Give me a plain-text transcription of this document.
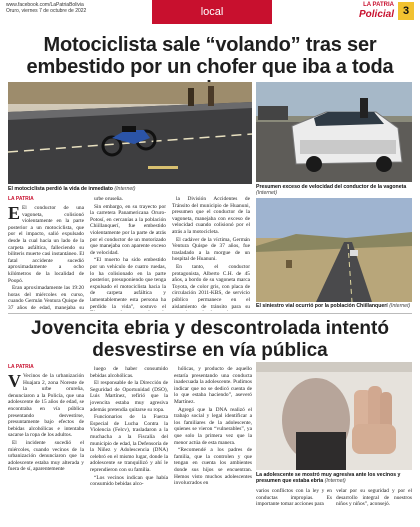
www.facebook.com/LaPatriaBolivia
Oruro, viernes 7 de octubre de 2022	local
LA PATRIA
Policial 3
Motociclista sale “volando” tras ser embestido por un chofer que iba a toda
El motociclista perdió la vida de inmediato (Internet)	Presumen exceso de velocidad del conductor de la vagoneta (Internet)
LA PATRIA

E El conductor de una vagoneta, colisionó violentamente en la parte posterior a un motociclista, que por el impacto, salió expulsado desde la cual hacia un lado de la carpeta asfáltica, falleciendo su biliteris muerte casi instantáneo. El fatal accidente sucedió aproximadamente a ocho kilómetros de la localidad de Poopó.

Eran aproximadamente las 19:20 horas del miércoles en curso, cuando Germán Ventura Quispe de 37 años de edad, manejaba su

urbe oruseña.

Sin embargo, en su trayecto por la carretera Panamericana Oruro-Potosí, en cercanías a la población Chiillanquerí, fue embestido violentamente por la parte de atrás por el conductor de un motorizado que manejaba con aparente exceso de velocidad.

“El muerto ha sido embestido por un vehículo de cuatro ruedas, lo ha colisionado en la parte posterior, presuponiendo que tenga expulsado el motociclista hacia la de carpeta asfáltica y lamentablemente esta persona ha perdido la vida”, sostuvo el

la División Accidentes de Tránsito del municipio de Huanuni, presumen que el conductor de la vagoneta, manejaba con exceso de velocidad cuando colisionó por el atrás a la motocicleta.

El cadáver de la víctima, Germán Ventura Quispe de 37 años, fue trasladado a la morgue de un hospital de Huanuni.

En tanto, el conductor protagonista, Alberto C.H. de 45 años, a bordo de su vagoneta marca Toyota, de color gris, con placa de circulación 2011-KBS, de servicio público permanece en el aislamiento de tránsito para su El siniestro vial ocurrió por la población Chiillanquerí (Internet)
Jovencita ebria y descontrolada intentó desvestirse en vía pública
LA PATRIA

V Vecinos de la urbanización Huajara 2, zona Noreste de la urbe orureña, denunciaron a la Policía, que una adolescente de 15 años de edad, se encontraba en vía pública presentando desvestirse, presuntamente bajo efectos de bebidas alcohólicas e intentaba sacarse la ropa de los adultos.

El incidente sucedió el miércoles, cuando vecinos de la urbanización denunciaron que la adolescente estaba muy alterada y fuera de sí, aparentemente

luego de haber consumido bebidas alcohólicas.

El responsable de la Dirección de Seguridad de Oportunidad (DSO), Luis Martínez, refirió que la jovencita estaba muy agresiva además pretendía quitarse su ropa.

Funcionarios de la Fuerza Especial de Lucha Contra la Violencia (Felcv), trasladaron a la muchacha a la Fiscalía del municipio de edad, la Defensoría de la Niñez y Adolescencia (DNA) celebró en el mismo lugar, donde la adolescente se tranquilizó y ahí le reprendieron con su familia.

“Los vecinos indican que había consumido bebidas alco-

hólicas, y producto de aquello estaría presentando una conducta inadecuada la adolescente. Pudimos indicar que no se dedicó cuenta de lo que estaba haciendo”, aseveró Martínez.

Agregó que la DNA realizó el trabajo social y legal identificar a los familiares de la adolescente, quienes se vieron “vulnerables”, ya que solo la primera vez que la menor actúa de esta manera.

“Recomendé a los padres de familia, que la controlen y que tengan en cuenta los ambientes donde sus hijos se encuentran. Hemos visto muchos adolescentes involucrados en

La adolescente se mostró muy agresiva ante los vecinos y presumen que estaba ebria (Internet)

varios conflictos con la ley y en conductas impropias. Es importante tomar acciones para

velar por su seguridad y por el desarrollo integral de nuestros niños y niños”, aconsejó.
